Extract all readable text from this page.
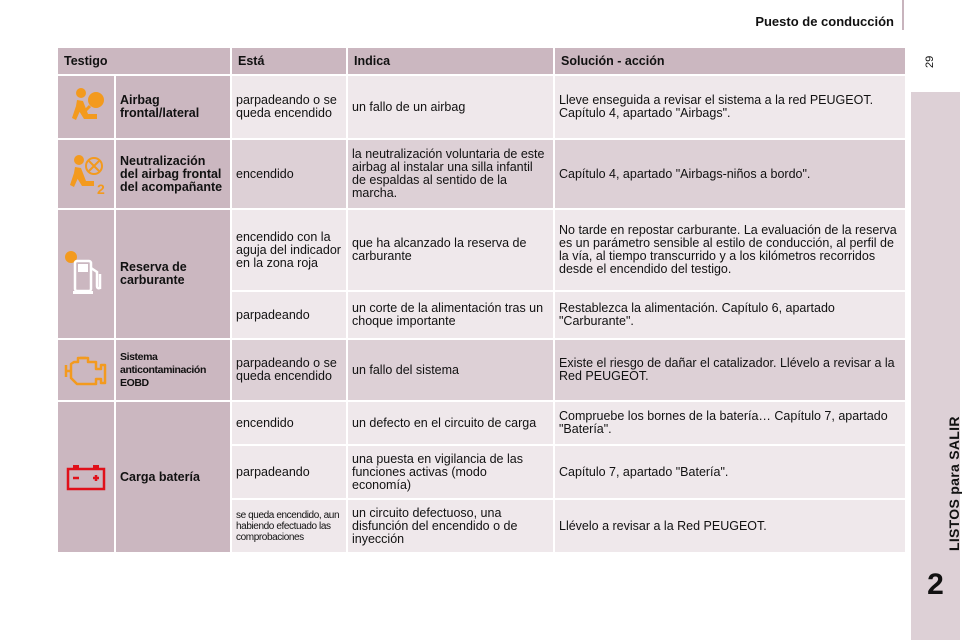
Puesto de conducción
29
LISTOS para SALIR
2
Testigo		Está	Indica	Solución - acción

	Airbag frontal/lateral	parpadeando o se queda encendido	un fallo de un airbag	Lleve enseguida a revisar el sistema a la red PEUGEOT. Capítulo 4, apartado "Airbags".

2	Neutralización del airbag frontal del acompañante	encendido	la neutralización voluntaria de este airbag al instalar una silla infantil de espaldas al sentido de la marcha.	Capítulo 4, apartado "Airbags-niños a bordo".

	Reserva de carburante	encendido con la aguja del indicador en la zona roja	que ha alcanzado la reserva de carburante	No tarde en repostar carburante. La evaluación de la reserva es un parámetro sensible al estilo de conducción, al perfil de la vía, al tiempo transcurrido y a los kilómetros recorridos desde el encendido del testigo.
		parpadeando	un corte de la alimentación tras un choque importante	Restablezca la alimentación. Capítulo 6, apartado "Carburante".

	Sistema anticontaminación EOBD	parpadeando o se queda encendido	un fallo del sistema	Existe el riesgo de dañar el catalizador. Llévelo a revisar a la Red PEUGEOT.

	Carga batería	encendido	un defecto en el circuito de carga	Compruebe los bornes de la batería… Capítulo 7, apartado "Batería".
		parpadeando	una puesta en vigilancia de las funciones activas (modo economía)	Capítulo 7, apartado "Batería".
		se queda encendido, aun habiendo efectuado las comprobaciones	un circuito defectuoso, una disfunción del encendido o de inyección	Llévelo a revisar a la Red PEUGEOT.
